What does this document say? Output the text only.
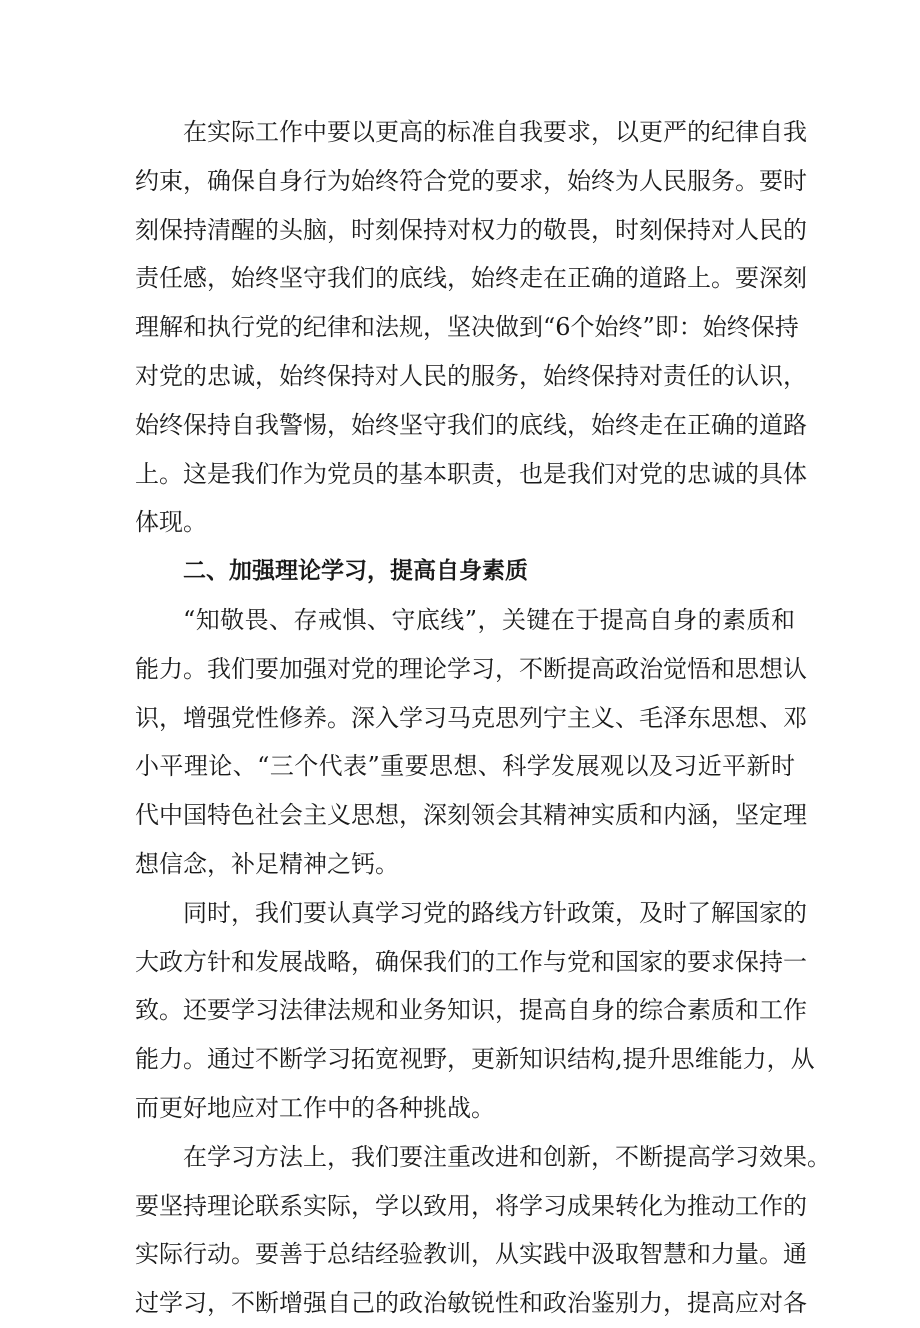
在实际工作中要以更高的标准自我要求，以更严的纪律自我
约束，确保自身行为始终符合党的要求，始终为人民服务。要时
刻保持清醒的头脑，时刻保持对权力的敬畏，时刻保持对人民的
责任感，始终坚守我们的底线，始终走在正确的道路上。要深刻
理解和执行党的纪律和法规，坚决做到“6个始终”即：始终保持
对党的忠诚，始终保持对人民的服务，始终保持对责任的认识，
始终保持自我警惕，始终坚守我们的底线，始终走在正确的道路
上。这是我们作为党员的基本职责，也是我们对党的忠诚的具体
体现。
二、加强理论学习，提高自身素质
“知敬畏、存戒惧、守底线”，关键在于提高自身的素质和
能力。我们要加强对党的理论学习，不断提高政治觉悟和思想认
识，增强党性修养。深入学习马克思列宁主义、毛泽东思想、邓
小平理论、“三个代表”重要思想、科学发展观以及习近平新时
代中国特色社会主义思想，深刻领会其精神实质和内涵，坚定理
想信念，补足精神之钙。
同时，我们要认真学习党的路线方针政策，及时了解国家的
大政方针和发展战略，确保我们的工作与党和国家的要求保持一
致。还要学习法律法规和业务知识，提高自身的综合素质和工作
能力。通过不断学习拓宽视野，更新知识结构,提升思维能力，从
而更好地应对工作中的各种挑战。
在学习方法上，我们要注重改进和创新，不断提高学习效果。
要坚持理论联系实际，学以致用，将学习成果转化为推动工作的
实际行动。要善于总结经验教训，从实践中汲取智慧和力量。通
过学习，不断增强自己的政治敏锐性和政治鉴别力，提高应对各
